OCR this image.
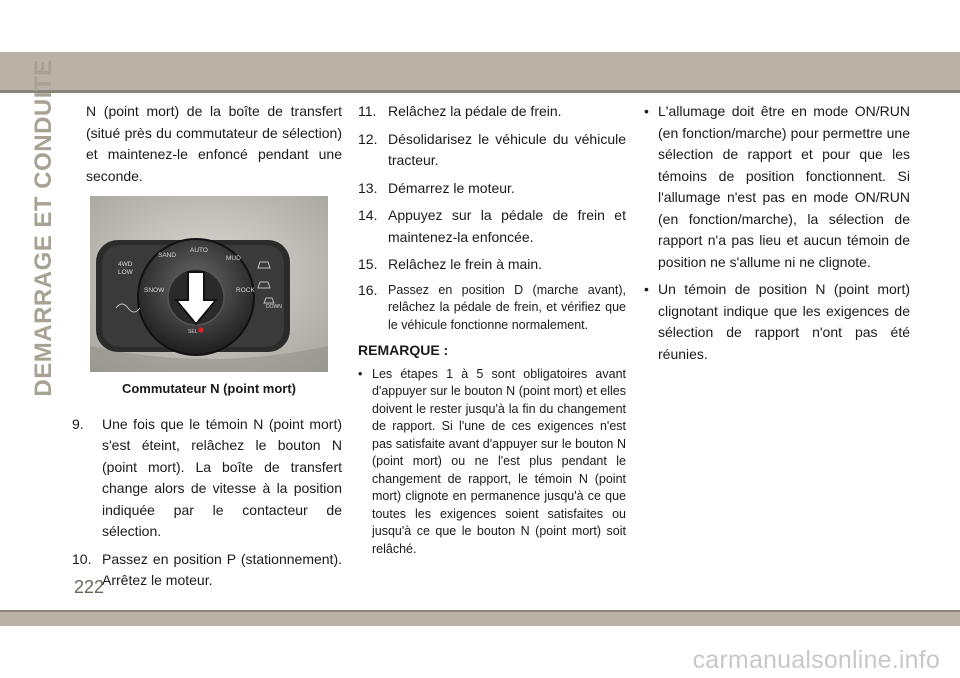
DEMARRAGE ET CONDUITE	N (point mort) de la boîte de transfert (situé près du commutateur de sélection) et maintenez-le enfoncé pendant une seconde.

4WD
LOW
SAND
AUTO
MUD
SNOW	ROCK
DOWN
SEL
Commutateur N (point mort)
9. Une fois que le témoin N (point mort) s'est éteint, relâchez le bouton N (point mort). La boîte de transfert change alors de vitesse à la position indiquée par le contacteur de sélection.
10. Passez en position P (stationnement). Arrêtez le moteur.
11. Relâchez la pédale de frein.
12. Désolidarisez le véhicule du véhicule tracteur.
13. Démarrez le moteur.
14. Appuyez sur la pédale de frein et maintenez-la enfoncée.
15. Relâchez le frein à main.
16. Passez en position D (marche avant), relâchez la pédale de frein, et vérifiez que le véhicule fonctionne normalement.
REMARQUE :
• Les étapes 1 à 5 sont obligatoires avant d'appuyer sur le bouton N (point mort) et elles doivent le rester jusqu'à la fin du changement de rapport. Si l'une de ces exigences n'est pas satisfaite avant d'appuyer sur le bouton N (point mort) ou ne l'est plus pendant le changement de rapport, le témoin N (point mort) clignote en permanence jusqu'à ce que toutes les exigences soient satisfaites ou jusqu'à ce que le bouton N (point mort) soit relâché.
• L'allumage doit être en mode ON/RUN (en fonction/marche) pour permettre une sélection de rapport et pour que les témoins de position fonctionnent. Si l'allumage n'est pas en mode ON/RUN (en fonction/marche), la sélection de rapport n'a pas lieu et aucun témoin de position ne s'allume ni ne clignote.
• Un témoin de position N (point mort) clignotant indique que les exigences de sélection de rapport n'ont pas été réunies.
222
carmanualsonline.info
